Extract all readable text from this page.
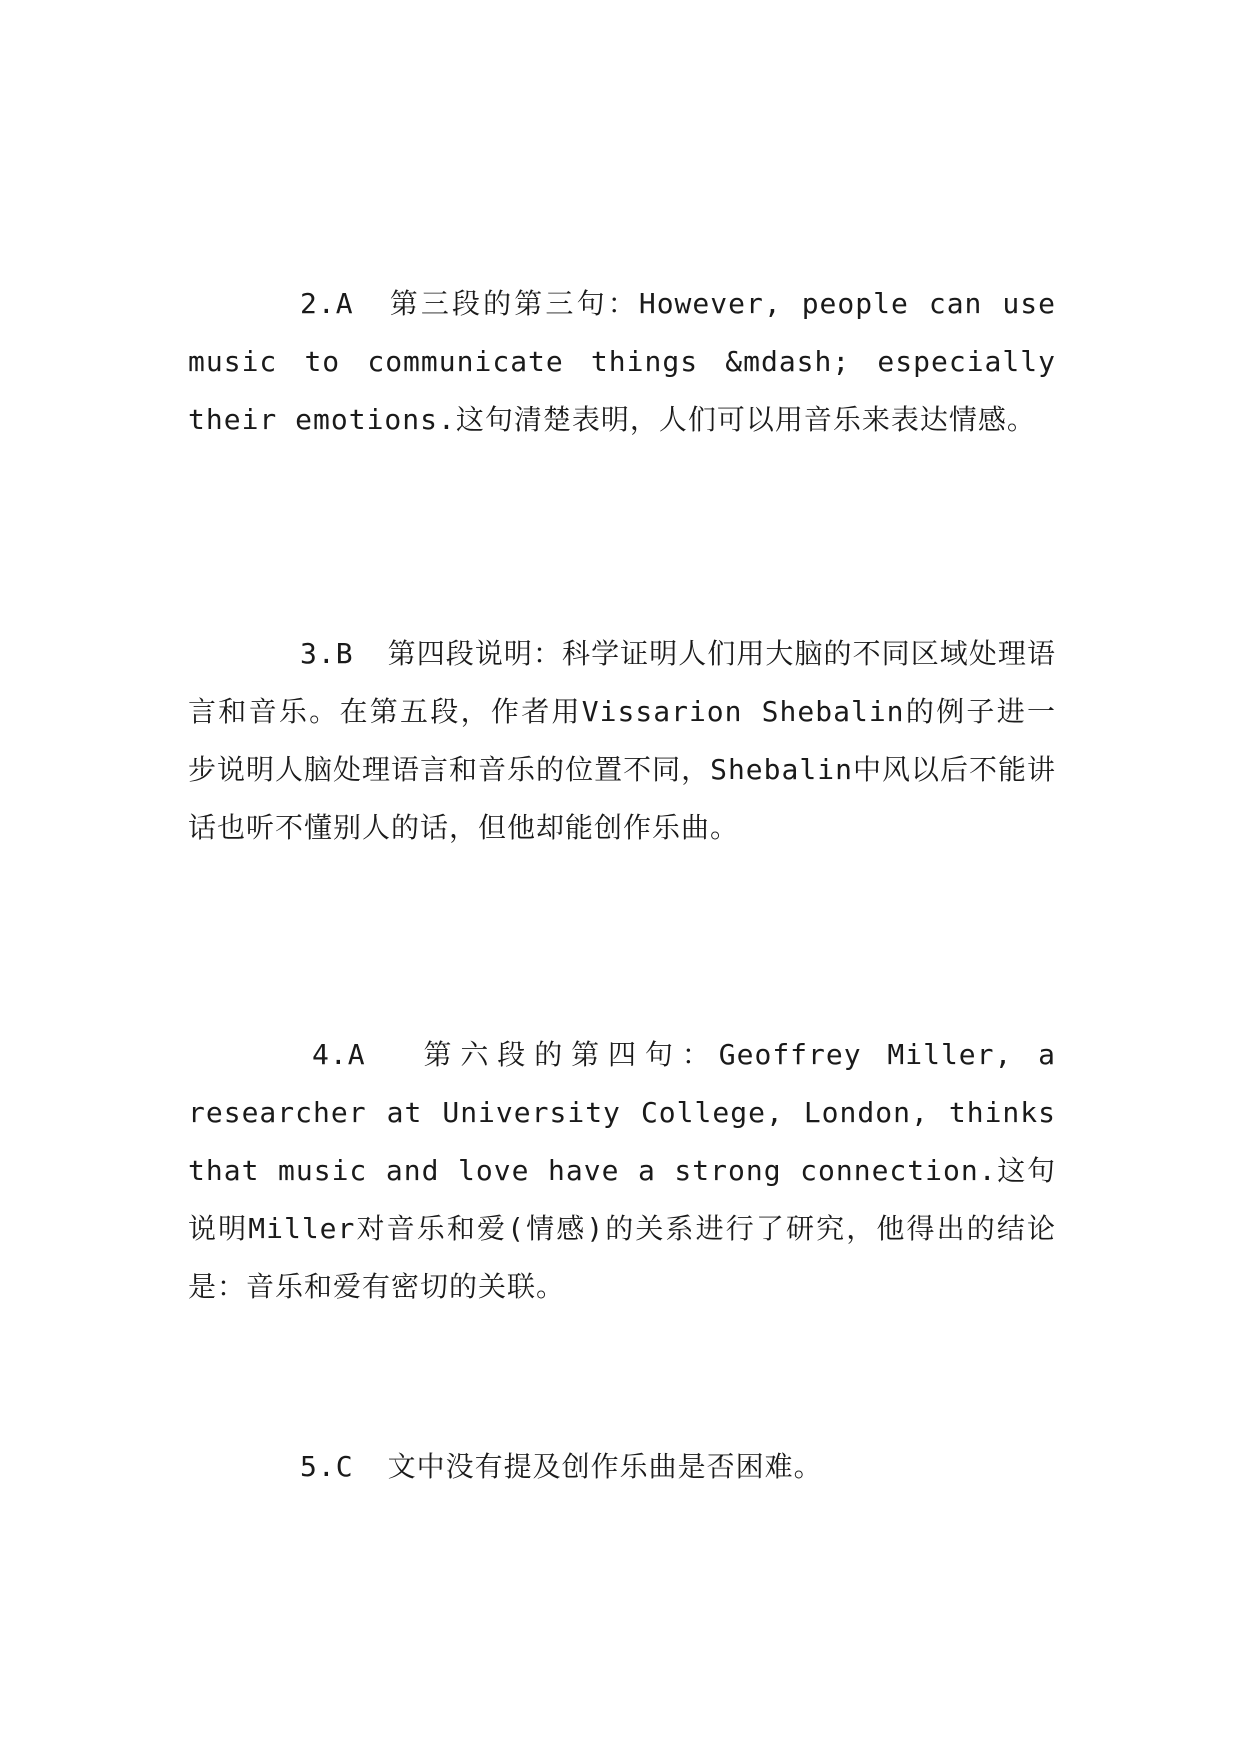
2.A 第三段的第三句：However, people can use music to communicate things &mdash; especially their emotions.这句清楚表明，人们可以用音乐来表达情感。

3.B 第四段说明：科学证明人们用大脑的不同区域处理语言和音乐。在第五段，作者用Vissarion Shebalin的例子进一步说明人脑处理语言和音乐的位置不同，Shebalin中风以后不能讲话也听不懂别人的话，但他却能创作乐曲。

4.A 第六段的第四句：Geoffrey Miller, a researcher at University College, London, thinks that music and love have a strong connection.这句说明Miller对音乐和爱(情感)的关系进行了研究，他得出的结论是：音乐和爱有密切的关联。

5.C 文中没有提及创作乐曲是否困难。
